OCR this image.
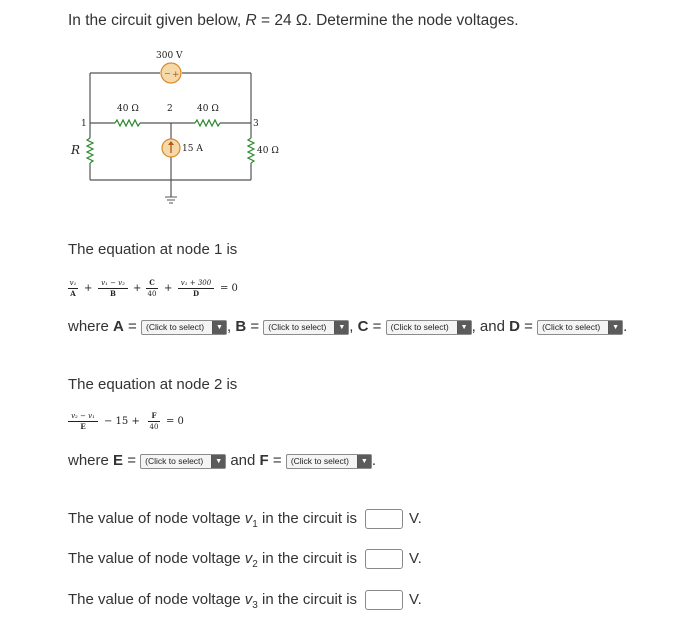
In the circuit given below, R = 24 Ω. Determine the node voltages.
− +
300 V
40 Ω	2	40 Ω
1	3
R	15 A	40 Ω
The equation at node 1 is
v₁
A +	v₁ − v₂
B	+
C
40 +	v₁ + 300
D	= 0
where A = (Click to select)	▼ , B = (Click to select)	▼ , C = (Click to select)	▼ , and D = (Click to select)	▼ .
The equation at node 2 is
v₂ − v₁
E	− 15 +
F
40 = 0
where E = (Click to select)	▼ and F = (Click to select)	▼ .
The value of node voltage $v_1$ in the circuit is	V.
The value of node voltage $v_2$ in the circuit is	V.
The value of node voltage $v_3$ in the circuit is	V.
